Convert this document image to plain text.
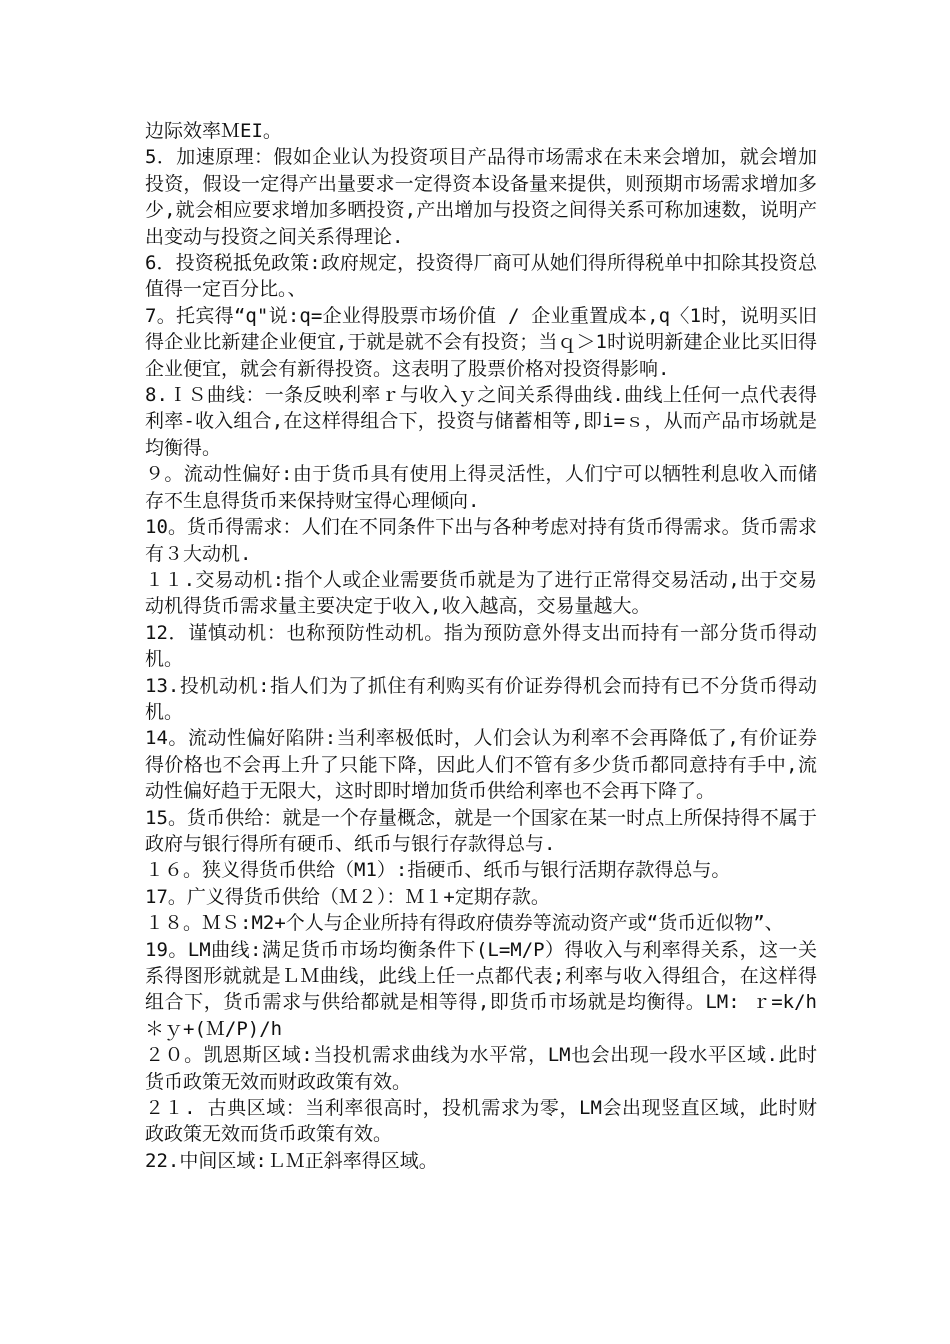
边际效率ＭEI。

5．加速原理：假如企业认为投资项目产品得市场需求在未来会增加，就会增加投资，假设一定得产出量要求一定得资本设备量来提供，则预期市场需求增加多少,就会相应要求增加多晒投资,产出增加与投资之间得关系可称加速数，说明产出变动与投资之间关系得理论.

6．投资税抵免政策:政府规定，投资得厂商可从她们得所得税单中扣除其投资总值得一定百分比。、

7。托宾得“q"说:q=企业得股票市场价值 / 企业重置成本,q〈1时，说明买旧得企业比新建企业便宜,于就是就不会有投资；当ｑ＞1时说明新建企业比买旧得企业便宜，就会有新得投资。这表明了股票价格对投资得影响.

8.ＩＳ曲线：一条反映利率ｒ与收入ｙ之间关系得曲线.曲线上任何一点代表得利率-收入组合,在这样得组合下，投资与储蓄相等,即i=ｓ，从而产品市场就是均衡得。

９。流动性偏好:由于货币具有使用上得灵活性，人们宁可以牺牲利息收入而储存不生息得货币来保持财宝得心理倾向.

10。货币得需求：人们在不同条件下出与各种考虑对持有货币得需求。货币需求有３大动机.

１１.交易动机:指个人或企业需要货币就是为了进行正常得交易活动,出于交易动机得货币需求量主要决定于收入,收入越高，交易量越大。

12．谨慎动机：也称预防性动机。指为预防意外得支出而持有一部分货币得动机。

13.投机动机:指人们为了抓住有利购买有价证券得机会而持有已不分货币得动机。

14。流动性偏好陷阱:当利率极低时，人们会认为利率不会再降低了,有价证券得价格也不会再上升了只能下降，因此人们不管有多少货币都同意持有手中,流动性偏好趋于无限大，这时即时增加货币供给利率也不会再下降了。

15。货币供给：就是一个存量概念，就是一个国家在某一时点上所保持得不属于政府与银行得所有硬币、纸币与银行存款得总与.

１６。狭义得货币供给（M1）:指硬币、纸币与银行活期存款得总与。

17。广义得货币供给（Ｍ２）：Ｍ１+定期存款。

１８。ＭＳ:M2+个人与企业所持有得政府债券等流动资产或“货币近似物”、

19。LM曲线:满足货币市场均衡条件下(L=M/P）得收入与利率得关系，这一关系得图形就就是ＬＭ曲线，此线上任一点都代表;利率与收入得组合，在这样得组合下，货币需求与供给都就是相等得,即货币市场就是均衡得。LM: ｒ=k/h＊ｙ+(Ｍ/P)/h

２０。凯恩斯区域:当投机需求曲线为水平常，LM也会出现一段水平区域.此时货币政策无效而财政政策有效。

２１. 古典区域：当利率很高时，投机需求为零，LM会出现竖直区域，此时财政政策无效而货币政策有效。

22.中间区域:ＬＭ正斜率得区域。
